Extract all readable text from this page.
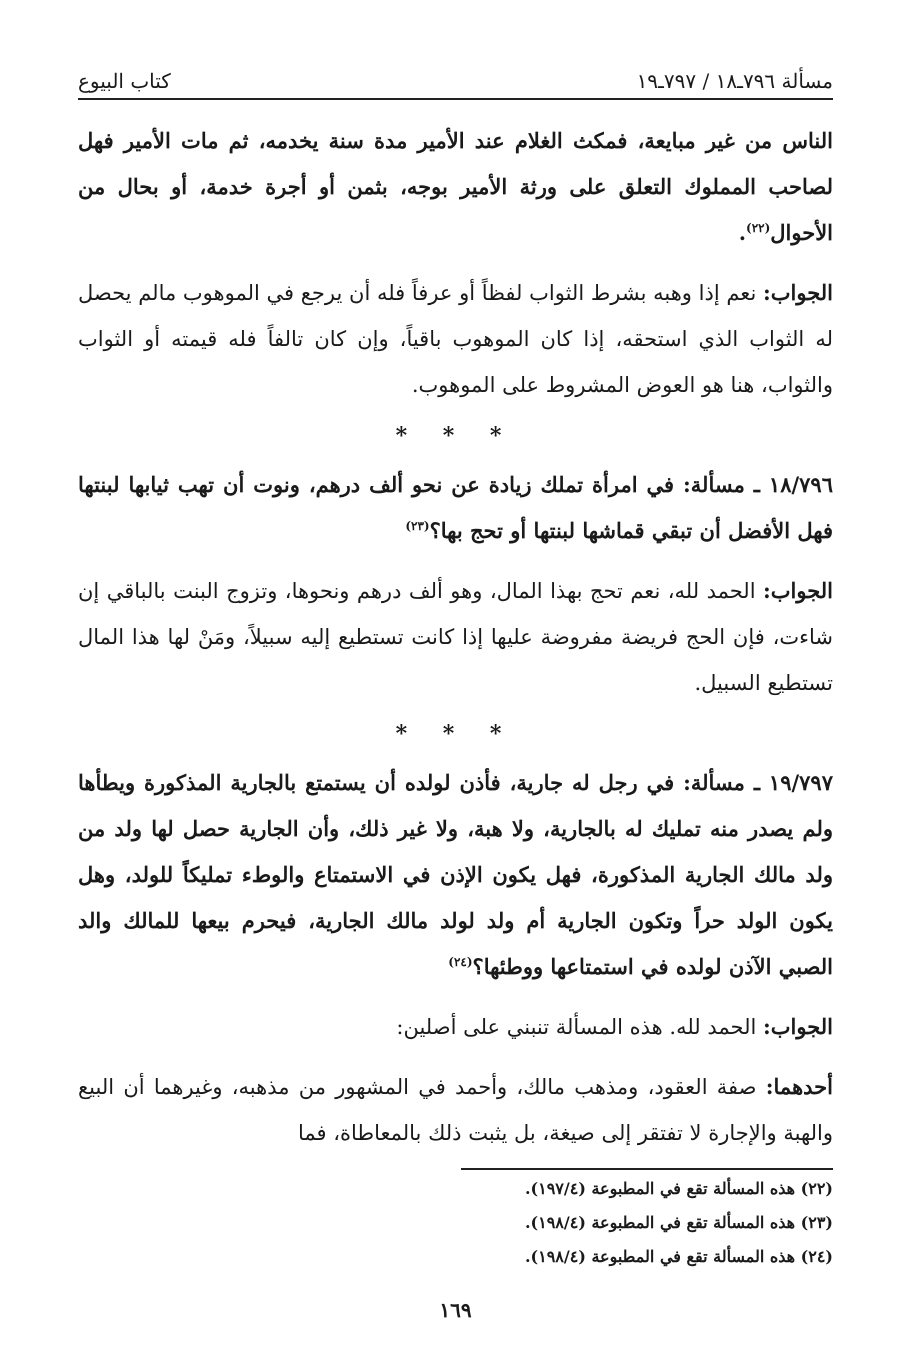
مسألة ٧٩٦ـ١٨ / ٧٩٧ـ١٩
كتاب البيوع

الناس من غير مبايعة، فمكث الغلام عند الأمير مدة سنة يخدمه، ثم مات الأمير فهل لصاحب المملوك التعلق على ورثة الأمير بوجه، بثمن أو أجرة خدمة، أو بحال من الأحوال$^{(٢٢)}$.

الجواب: نعم إذا وهبه بشرط الثواب لفظاً أو عرفاً فله أن يرجع في الموهوب مالم يحصل له الثواب الذي استحقه، إذا كان الموهوب باقياً، وإن كان تالفاً فله قيمته أو الثواب والثواب، هنا هو العوض المشروط على الموهوب.

* * *

١٨/٧٩٦ ـ مسألة: في امرأة تملك زيادة عن نحو ألف درهم، ونوت أن تهب ثيابها لبنتها فهل الأفضل أن تبقي قماشها لبنتها أو تحج بها؟$^{(٢٣)}$

الجواب: الحمد لله، نعم تحج بهذا المال، وهو ألف درهم ونحوها، وتزوج البنت بالباقي إن شاءت، فإن الحج فريضة مفروضة عليها إذا كانت تستطيع إليه سبيلاً، ومَنْ لها هذا المال تستطيع السبيل.

* * *

١٩/٧٩٧ ـ مسألة: في رجل له جارية، فأذن لولده أن يستمتع بالجارية المذكورة ويطأها ولم يصدر منه تمليك له بالجارية، ولا هبة، ولا غير ذلك، وأن الجارية حصل لها ولد من ولد مالك الجارية المذكورة، فهل يكون الإذن في الاستمتاع والوطء تمليكاً للولد، وهل يكون الولد حراً وتكون الجارية أم ولد لولد مالك الجارية، فيحرم بيعها للمالك والد الصبي الآذن لولده في استمتاعها ووطئها؟$^{(٢٤)}$

الجواب: الحمد لله. هذه المسألة تنبني على أصلين:

أحدهما: صفة العقود، ومذهب مالك، وأحمد في المشهور من مذهبه، وغيرهما أن البيع والهبة والإجارة لا تفتقر إلى صيغة، بل يثبت ذلك بالمعاطاة، فما

(٢٢) هذه المسألة تقع في المطبوعة (١٩٧/٤).

(٢٣) هذه المسألة تقع في المطبوعة (١٩٨/٤).

(٢٤) هذه المسألة تقع في المطبوعة (١٩٨/٤).

١٦٩
